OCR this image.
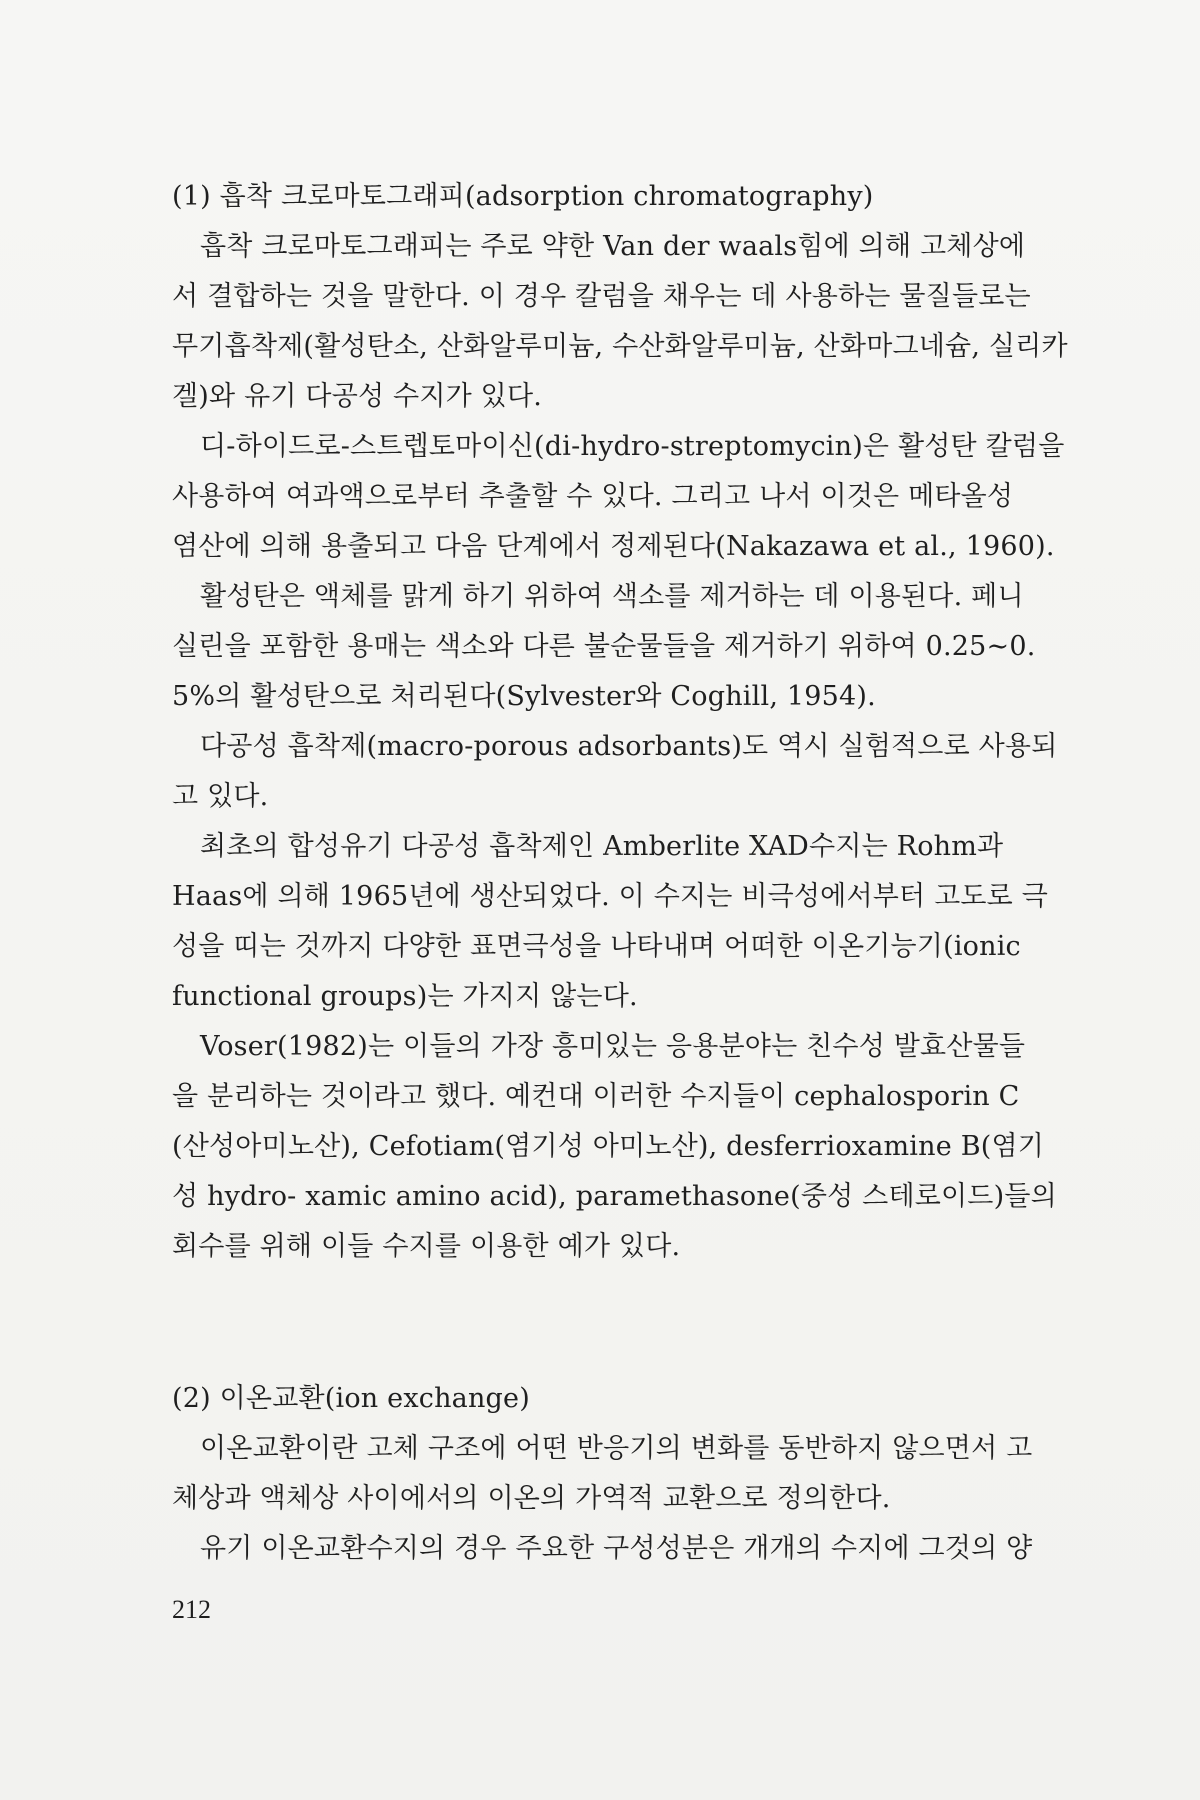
(1) 흡착 크로마토그래피(adsorption chromatography)
흡착 크로마토그래피는 주로 약한 Van der waals힘에 의해 고체상에
서 결합하는 것을 말한다. 이 경우 칼럼을 채우는 데 사용하는 물질들로는
무기흡착제(활성탄소, 산화알루미늄, 수산화알루미늄, 산화마그네슘, 실리카
겔)와 유기 다공성 수지가 있다.
디-하이드로-스트렙토마이신(di-hydro-streptomycin)은 활성탄 칼럼을
사용하여 여과액으로부터 추출할 수 있다. 그리고 나서 이것은 메타올성
염산에 의해 용출되고 다음 단계에서 정제된다(Nakazawa et al., 1960).
활성탄은 액체를 맑게 하기 위하여 색소를 제거하는 데 이용된다. 페니
실린을 포함한 용매는 색소와 다른 불순물들을 제거하기 위하여 0.25∼0.
5%의 활성탄으로 처리된다(Sylvester와 Coghill, 1954).
다공성 흡착제(macro-porous adsorbants)도 역시 실험적으로 사용되
고 있다.
최초의 합성유기 다공성 흡착제인 Amberlite XAD수지는 Rohm과
Haas에 의해 1965년에 생산되었다. 이 수지는 비극성에서부터 고도로 극
성을 띠는 것까지 다양한 표면극성을 나타내며 어떠한 이온기능기(ionic
functional groups)는 가지지 않는다.
Voser(1982)는 이들의 가장 흥미있는 응용분야는 친수성 발효산물들
을 분리하는 것이라고 했다. 예컨대 이러한 수지들이 cephalosporin C
(산성아미노산), Cefotiam(염기성 아미노산), desferrioxamine B(염기
성 hydro- xamic amino acid), paramethasone(중성 스테로이드)들의
회수를 위해 이들 수지를 이용한 예가 있다.
(2) 이온교환(ion exchange)
이온교환이란 고체 구조에 어떤 반응기의 변화를 동반하지 않으면서 고
체상과 액체상 사이에서의 이온의 가역적 교환으로 정의한다.
유기 이온교환수지의 경우 주요한 구성성분은 개개의 수지에 그것의 양
212
